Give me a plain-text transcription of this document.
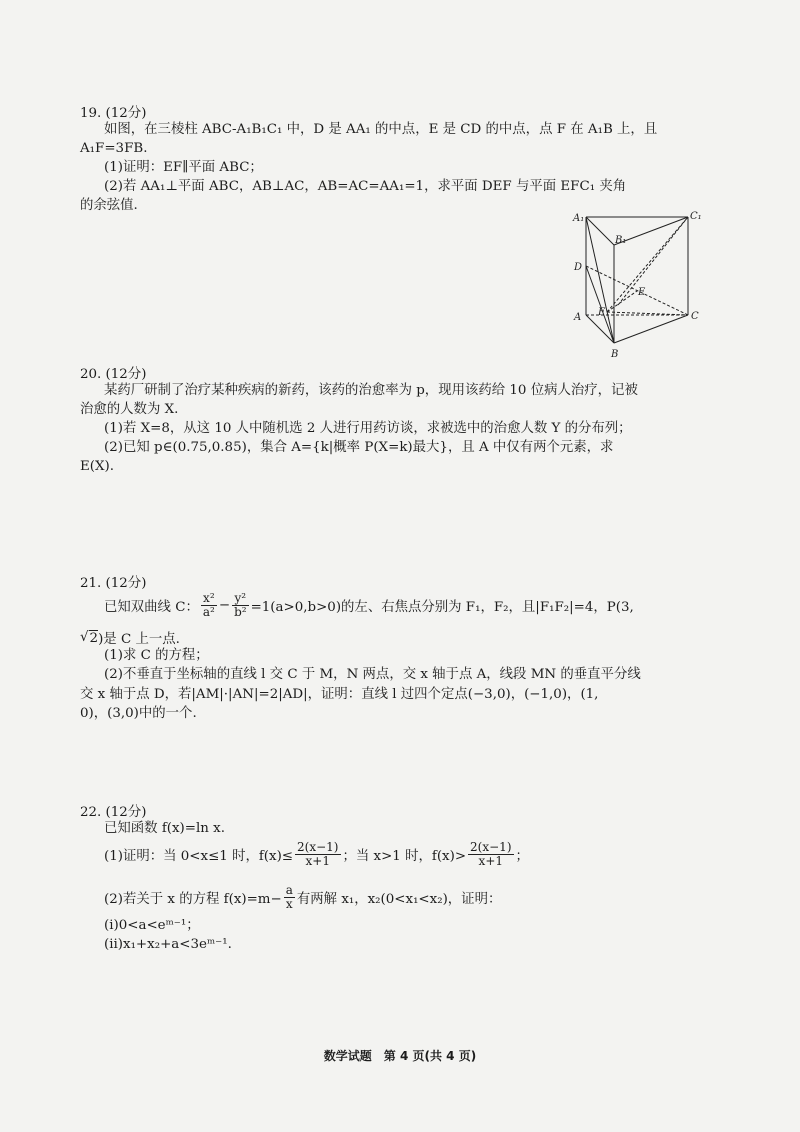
19. (12分)
如图，在三棱柱 ABC-A₁B₁C₁ 中，D 是 AA₁ 的中点，E 是 CD 的中点，点 F 在 A₁B 上，且
A₁F=3FB.
(1)证明：EF∥平面 ABC；
(2)若 AA₁⊥平面 ABC，AB⊥AC，AB=AC=AA₁=1，求平面 DEF 与平面 EFC₁ 夹角
的余弦值.
A₁	C₁
B₁
D
E
F
A	C
B
20. (12分)
某药厂研制了治疗某种疾病的新药，该药的治愈率为 p，现用该药给 10 位病人治疗，记被
治愈的人数为 X.
(1)若 X=8，从这 10 人中随机选 2 人进行用药访谈，求被选中的治愈人数 Y 的分布列；
(2)已知 p∈(0.75,0.85)，集合 A={k|概率 P(X=k)最大}，且 A 中仅有两个元素，求
E(X).
21. (12分)
已知双曲线 C： $\frac{\text{x²}}{\text{a²}} - \frac{\text{y²}}{\text{b²}} =1(a>0,b>0)$的左、右焦点分别为 F₁，F₂，且|F₁F₂|=4，P(3,
√ 2 )是 C 上一点.
(1)求 C 的方程；
(2)不垂直于坐标轴的直线 l 交 C 于 M，N 两点，交 x 轴于点 A，线段 MN 的垂直平分线
交 x 轴于点 D，若|AM|·|AN|=2|AD|，证明：直线 l 过四个定点(−3,0)，(−1,0)，(1,
0)，(3,0)中的一个.
22. (12分)
已知函数 f(x)=ln x.
(1)证明：当 0<x≤1 时，$f(x)\le \frac{2(x-1)}{x+1}$ ；当 x>1 时，$f(x)> \frac{2(x-1)}{x+1}$ ；
(2)若关于 x 的方程 $f(x)=m- \frac{a}{x}$ 有两解 x₁，x₂(0<x₁<x₂)，证明：
(ⅰ)0<a<eᵐ⁻¹；
(ⅱ)x₁+x₂+a<3eᵐ⁻¹.
数学试题　第 4 页(共 4 页)
